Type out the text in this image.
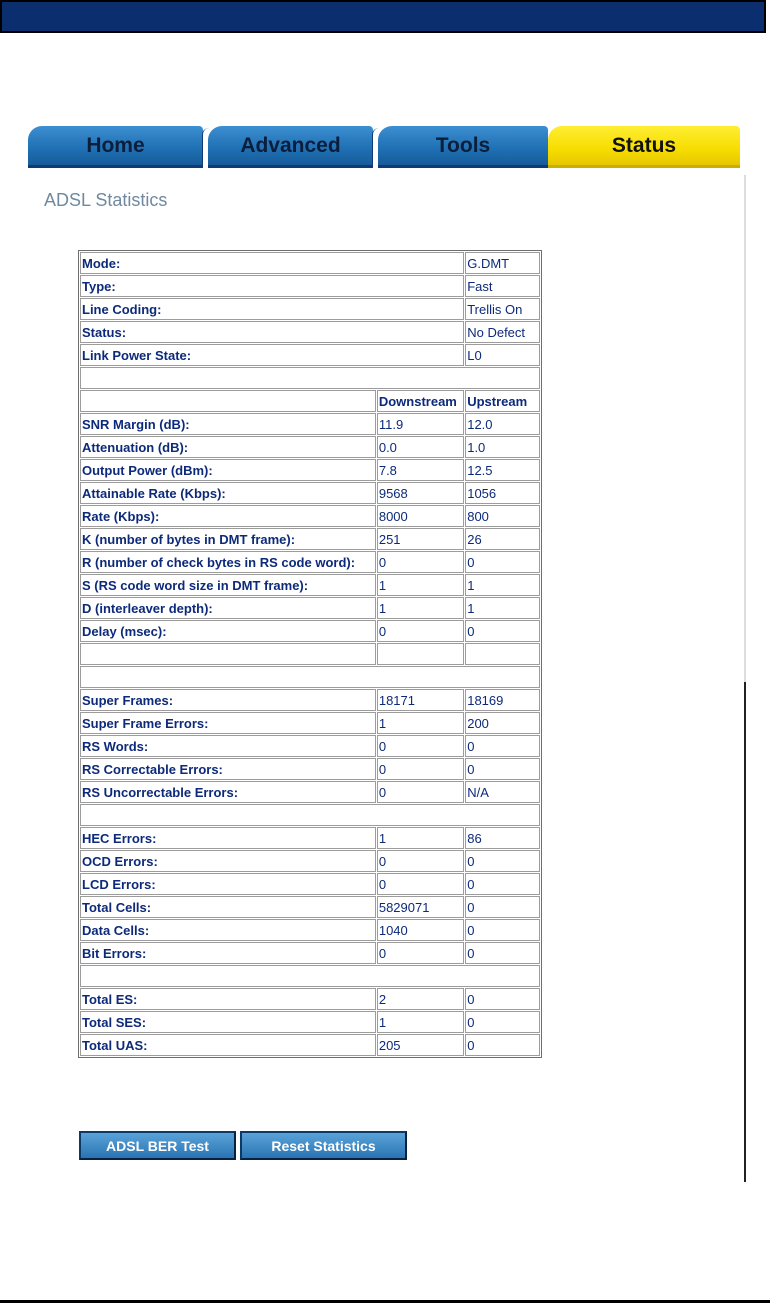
Home	Advanced	Tools	Status
ADSL Statistics
Mode:		G.DMT
Type:		Fast
Line Coding:		Trellis On
Status:		No Defect
Link Power State:		L0

	Downstream	Upstream
SNR Margin (dB):	11.9	12.0
Attenuation (dB):	0.0	1.0
Output Power (dBm):	7.8	12.5
Attainable Rate (Kbps):	9568	1056
Rate (Kbps):	8000	800
K (number of bytes in DMT frame):	251	26
R (number of check bytes in RS code word):	0	0
S (RS code word size in DMT frame):	1	1
D (interleaver depth):	1	1
Delay (msec):	0	0

Super Frames:	18171	18169
Super Frame Errors:	1	200
RS Words:	0	0
RS Correctable Errors:	0	0
RS Uncorrectable Errors:	0	N/A

HEC Errors:	1	86
OCD Errors:	0	0
LCD Errors:	0	0
Total Cells:	5829071	0
Data Cells:	1040	0
Bit Errors:	0	0

Total ES:	2	0
Total SES:	1	0
Total UAS:	205	0
ADSL BER Test	Reset Statistics
